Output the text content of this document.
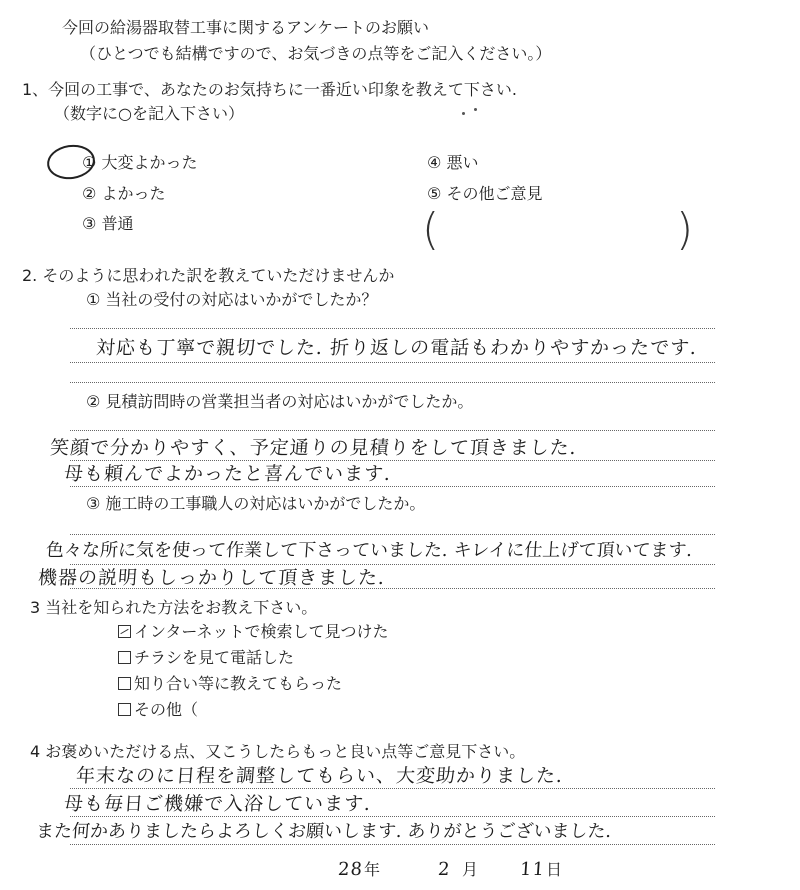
今回の給湯器取替工事に関するアンケートのお願い
（ひとつでも結構ですので、お気づきの点等をご記入ください。）
1、今回の工事で、あなたのお気持ちに一番近い印象を教えて下さい.
（数字に○を記入下さい）
① 大変よかった
② よかった
③ 普通
④ 悪い
⑤ その他ご意見
(	)
2. そのように思われた訳を教えていただけませんか
① 当社の受付の対応はいかがでしたか？
対応も丁寧で親切でした. 折り返しの電話もわかりやすかったです.
② 見積訪問時の営業担当者の対応はいかがでしたか。
笑顔で分かりやすく、予定通りの見積りをして頂きました.
母も頼んでよかったと喜んでいます.
③ 施工時の工事職人の対応はいかがでしたか。
色々な所に気を使って作業して下さっていました. キレイに仕上げて頂いてます.
機器の説明もしっかりして頂きました.
3 当社を知られた方法をお教え下さい。
インターネットで検索して見つけた
チラシを見て電話した
知り合い等に教えてもらった
その他（
4 お褒めいただける点、又こうしたらもっと良い点等ご意見下さい。
年末なのに日程を調整してもらい、大変助かりました.
母も毎日ご機嫌で入浴しています.
また何かありましたらよろしくお願いします. ありがとうございました.
28 年	2 月 11 日
